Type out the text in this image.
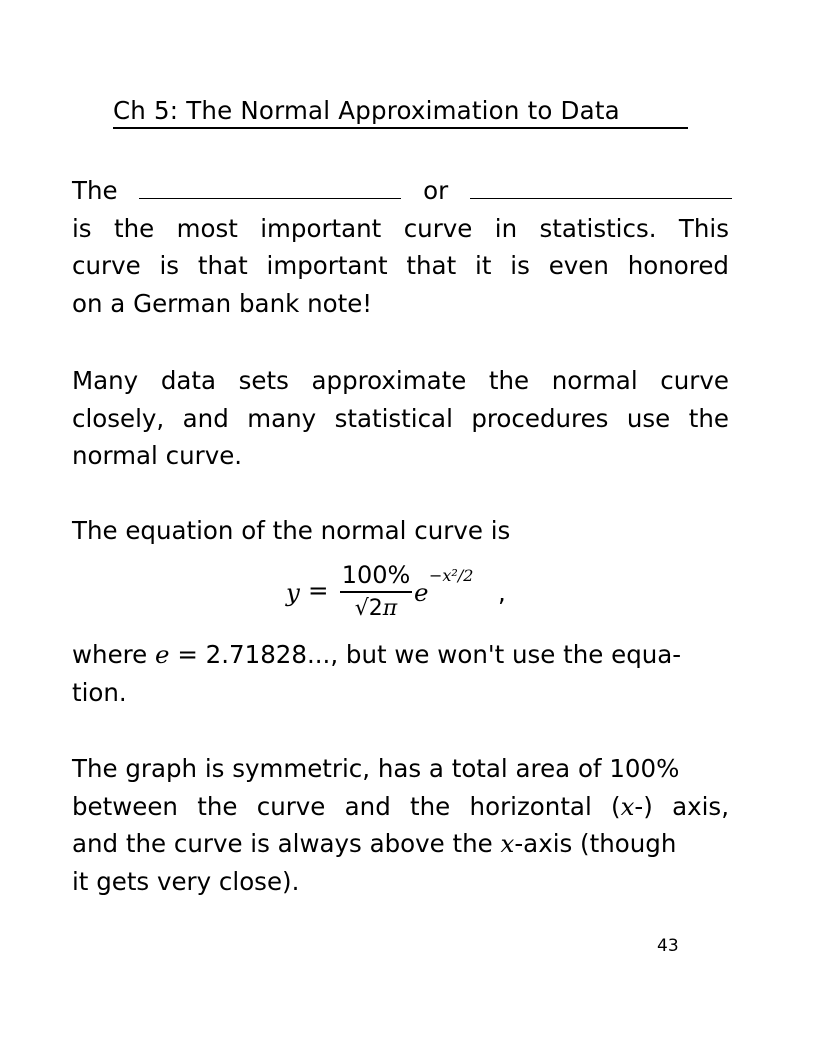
Ch 5: The Normal Approximation to Data
The	or
is the most important curve in statistics. This
curve is that important that it is even honored
on a German bank note!
Many data sets approximate the normal curve
closely, and many statistical procedures use the
normal curve.
The equation of the normal curve is
y =
100%
√2π
e
−x²/2
,
where e = 2.71828..., but we won't use the equa-
tion.
The graph is symmetric, has a total area of 100%
between the curve and the horizontal (x-) axis,
and the curve is always above the x-axis (though
it gets very close).
43
